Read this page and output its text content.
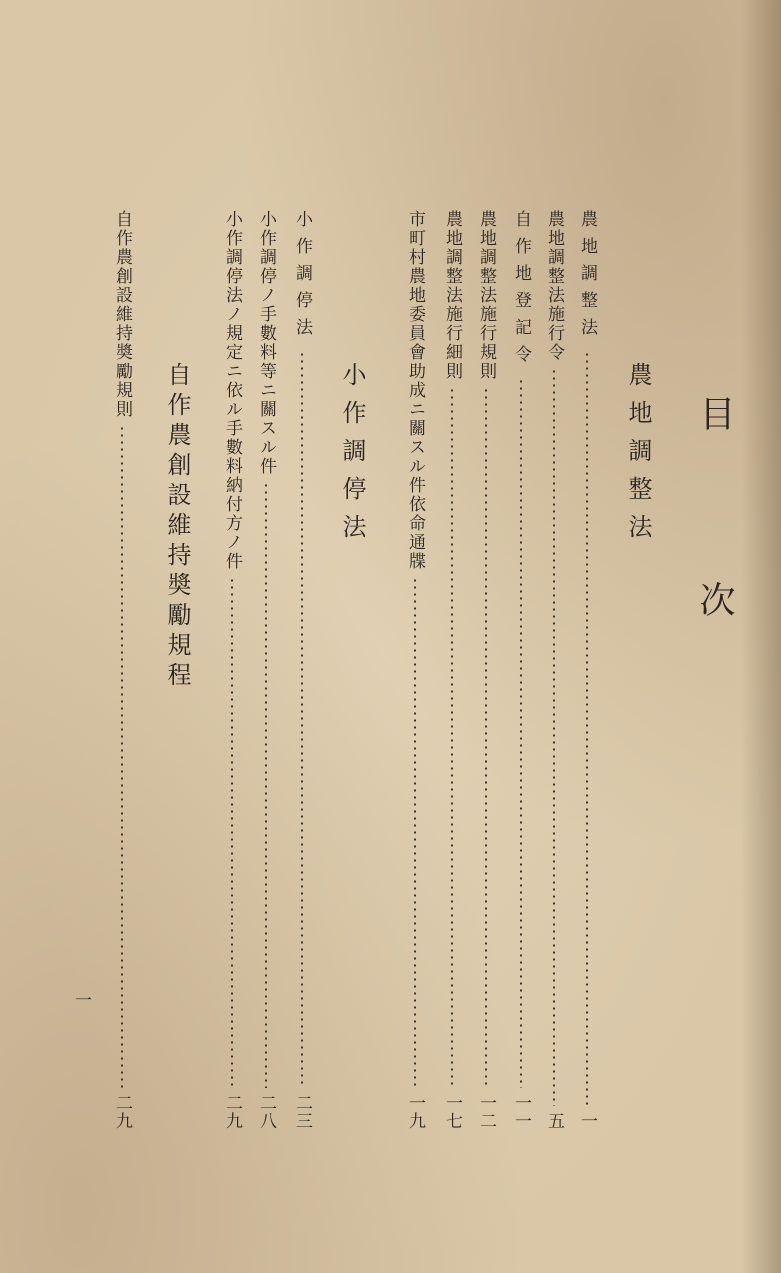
目次
農地調整法
農地調整法
一
農地調整法施行令
五
自作地登記令
一一
農地調整法施行規則
一二
農地調整法施行細則
一七
市町村農地委員會助成ニ關スル件依命通牒
一九
小作調停法
小作調停法
二三
小作調停ノ手數料等ニ關スル件
二八
小作調停法ノ規定ニ依ル手數料納付方ノ件
二九
自作農創設維持奬勵規程
自作農創設維持奬勵規則
二九
一
